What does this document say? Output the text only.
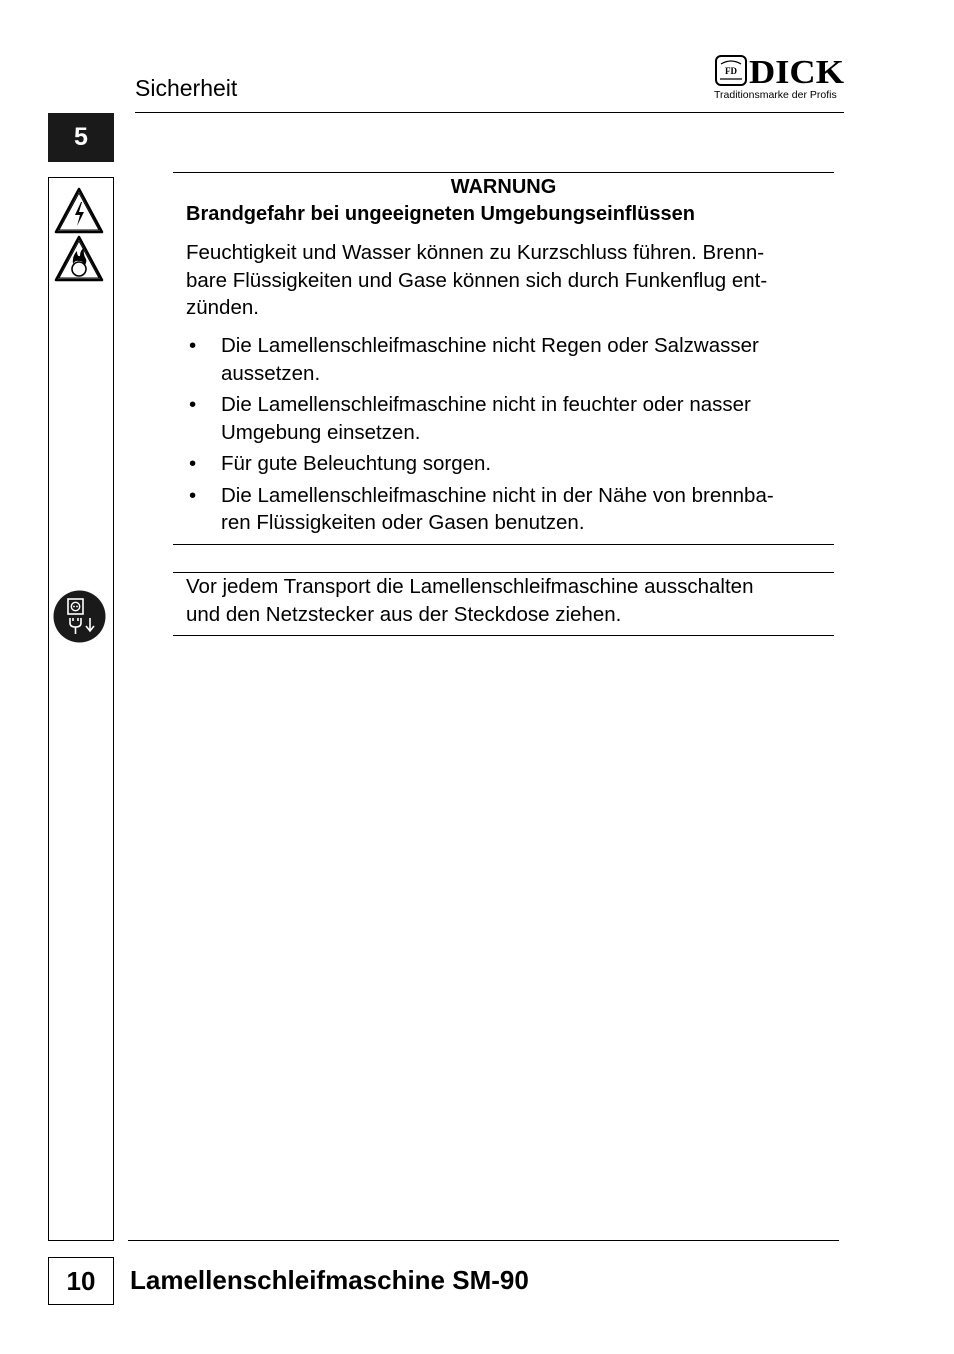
Sicherheit
FD DICK
Traditionsmarke der Profis
5
WARNUNG
Brandgefahr bei ungeeigneten Umgebungseinflüssen
Feuchtigkeit und Wasser können zu Kurzschluss führen. Brenn-
bare Flüssigkeiten und Gase können sich durch Funkenflug ent-
zünden.
• Die Lamellenschleifmaschine nicht Regen oder Salzwasser
aussetzen.
• Die Lamellenschleifmaschine nicht in feuchter oder nasser
Umgebung einsetzen.
• Für gute Beleuchtung sorgen.
• Die Lamellenschleifmaschine nicht in der Nähe von brennba-
ren Flüssigkeiten oder Gasen benutzen.
Vor jedem Transport die Lamellenschleifmaschine ausschalten
und den Netzstecker aus der Steckdose ziehen.
10	Lamellenschleifmaschine SM-90
